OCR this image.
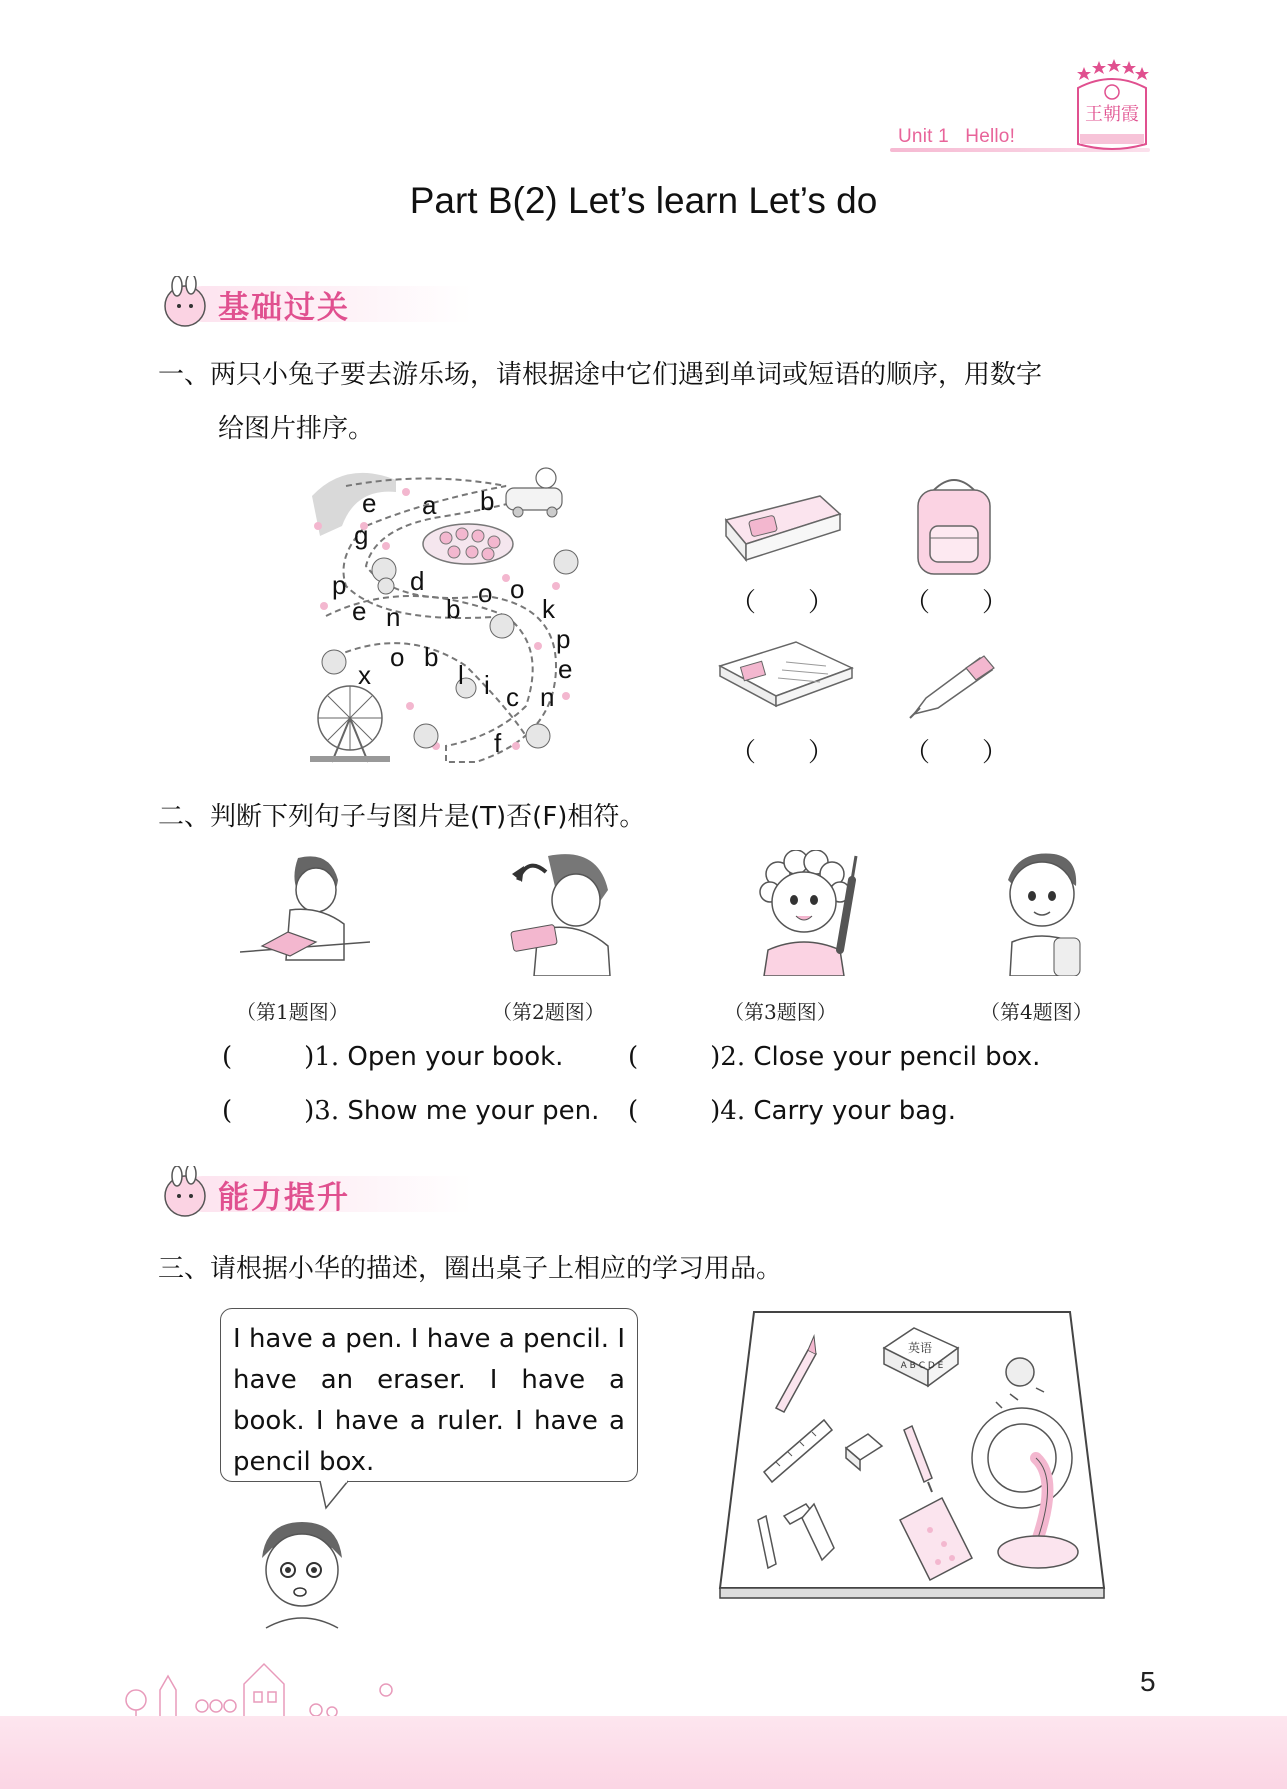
Unit 1 Hello!
王朝霞
Part B(2) Let’s learn Let’s do
基础过关
一、两只小兔子要去游乐场，请根据途中它们遇到单词或短语的顺序，用数字
给图片排序。
e a b
g
d
p
e n b
o o
k
p
e
x
o b
l i c n
f
（　　）	（　　）
（　　）	（　　）
二、判断下列句子与图片是(T)否(F)相符。
（第1题图）	（第2题图）	（第3题图）	（第4题图）
(	)1. Open your book. (	)2. Close your pencil box.
(	)3. Show me your pen. (	)4. Carry your bag.
能力提升
三、请根据小华的描述，圈出桌子上相应的学习用品。
I have a pen. I have a pencil. I have an eraser. I have a book. I have a ruler. I have a pencil box.
英语
A B C D E
5
